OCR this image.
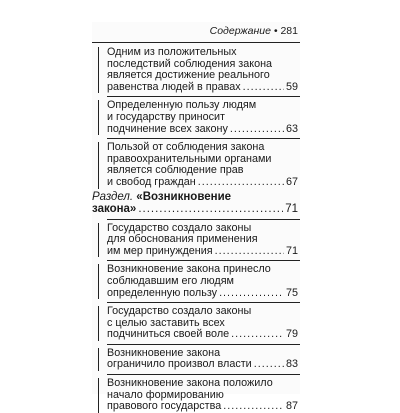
Содержание • 281
Одним из положительных
последствий соблюдения закона
является достижение реального
равенства людей в правах .....	59
Определенную пользу людям
и государству приносит
подчинение всех закону .....	63
Пользой от соблюдения закона
правоохранительными органами
является соблюдение прав
и свобод граждан .....	67
Раздел. «Возникновение
закона» .....	71
Государство создало законы
для обоснования применения
им мер принуждения .....	71
Возникновение закона принесло
соблюдавшим его людям
определенную пользу .....	75
Государство создало законы
с целью заставить всех
подчиниться своей воле .....	79
Возникновение закона
ограничило произвол власти .....	83
Возникновение закона положило
начало формированию
правового государства .....	87
